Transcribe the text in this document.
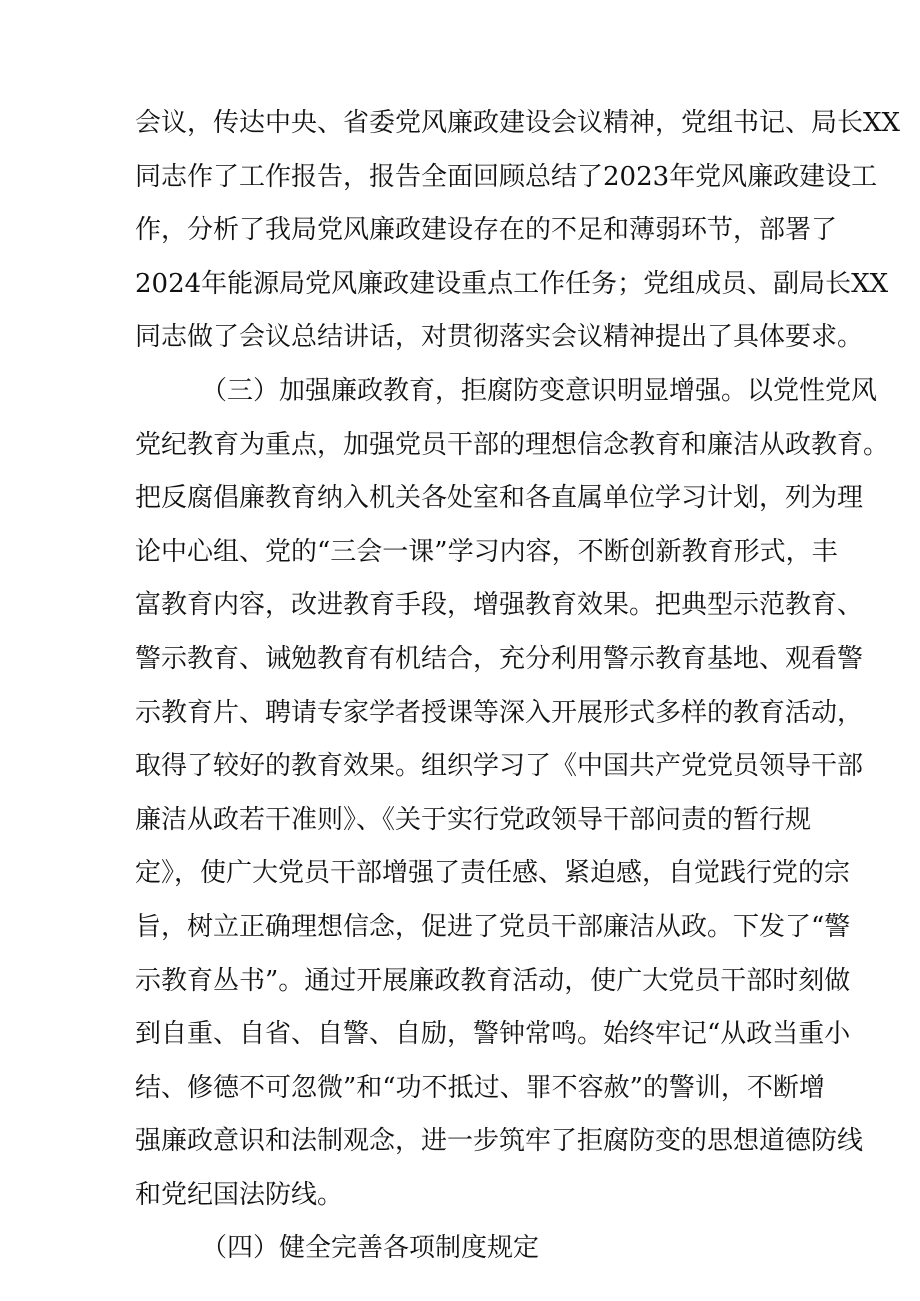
会议，传达中央、省委党风廉政建设会议精神，党组书记、局长XX
同志作了工作报告，报告全面回顾总结了2023年党风廉政建设工
作，分析了我局党风廉政建设存在的不足和薄弱环节，部署了
2024年能源局党风廉政建设重点工作任务；党组成员、副局长XX
同志做了会议总结讲话，对贯彻落实会议精神提出了具体要求。
（三）加强廉政教育，拒腐防变意识明显增强。以党性党风
党纪教育为重点，加强党员干部的理想信念教育和廉洁从政教育。
把反腐倡廉教育纳入机关各处室和各直属单位学习计划，列为理
论中心组、党的“三会一课”学习内容，不断创新教育形式，丰
富教育内容，改进教育手段，增强教育效果。把典型示范教育、
警示教育、诫勉教育有机结合，充分利用警示教育基地、观看警
示教育片、聘请专家学者授课等深入开展形式多样的教育活动，
取得了较好的教育效果。组织学习了《中国共产党党员领导干部
廉洁从政若干准则》、《关于实行党政领导干部问责的暂行规
定》，使广大党员干部增强了责任感、紧迫感，自觉践行党的宗
旨，树立正确理想信念，促进了党员干部廉洁从政。下发了“警
示教育丛书”。通过开展廉政教育活动，使广大党员干部时刻做
到自重、自省、自警、自励，警钟常鸣。始终牢记“从政当重小
结、修德不可忽微”和“功不抵过、罪不容赦”的警训，不断增
强廉政意识和法制观念，进一步筑牢了拒腐防变的思想道德防线
和党纪国法防线。
（四）健全完善各项制度规定
